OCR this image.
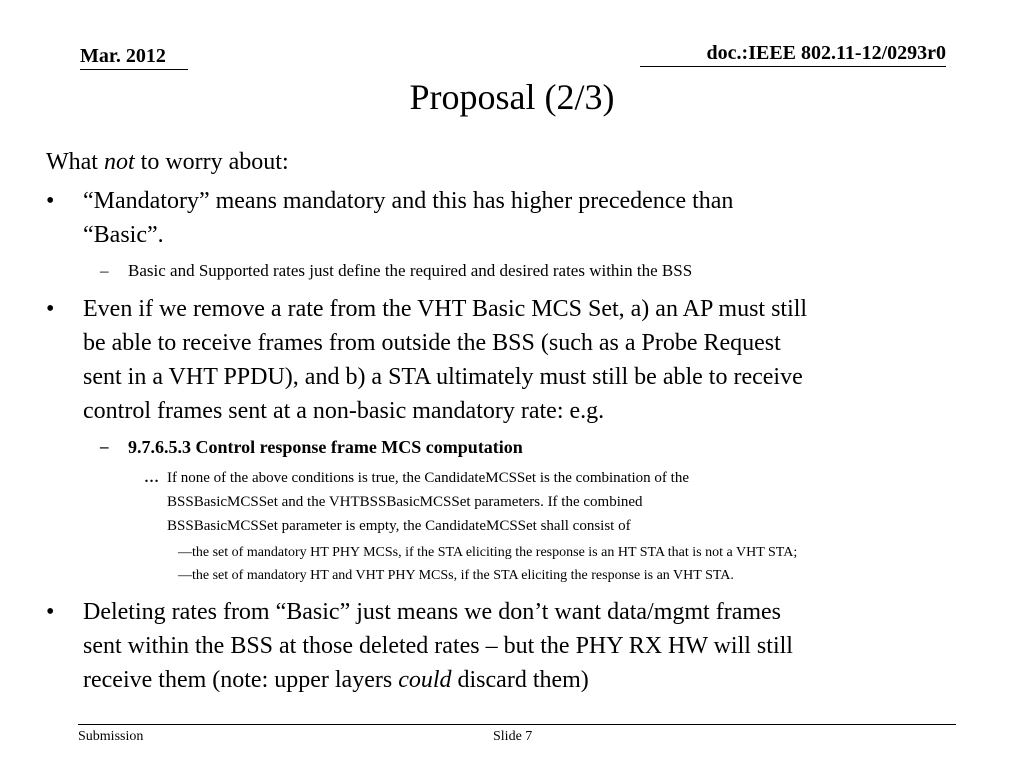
Mar. 2012	doc.:IEEE 802.11-12/0293r0
Proposal (2/3)
What not to worry about:
• “Mandatory” means mandatory and this has higher precedence than
“Basic”.
– Basic and Supported rates just define the required and desired rates within the BSS
• Even if we remove a rate from the VHT Basic MCS Set, a) an AP must still
be able to receive frames from outside the BSS (such as a Probe Request
sent in a VHT PPDU), and b) a STA ultimately must still be able to receive
control frames sent at a non-basic mandatory rate: e.g.
– 9.7.6.5.3 Control response frame MCS computation
… If none of the above conditions is true, the CandidateMCSSet is the combination of the
BSSBasicMCSSet and the VHTBSSBasicMCSSet parameters. If the combined
BSSBasicMCSSet parameter is empty, the CandidateMCSSet shall consist of
—the set of mandatory HT PHY MCSs, if the STA eliciting the response is an HT STA that is not a VHT STA;
—the set of mandatory HT and VHT PHY MCSs, if the STA eliciting the response is an VHT STA.
• Deleting rates from “Basic” just means we don’t want data/mgmt frames
sent within the BSS at those deleted rates – but the PHY RX HW will still
receive them (note: upper layers could discard them)
Submission	Slide 7
